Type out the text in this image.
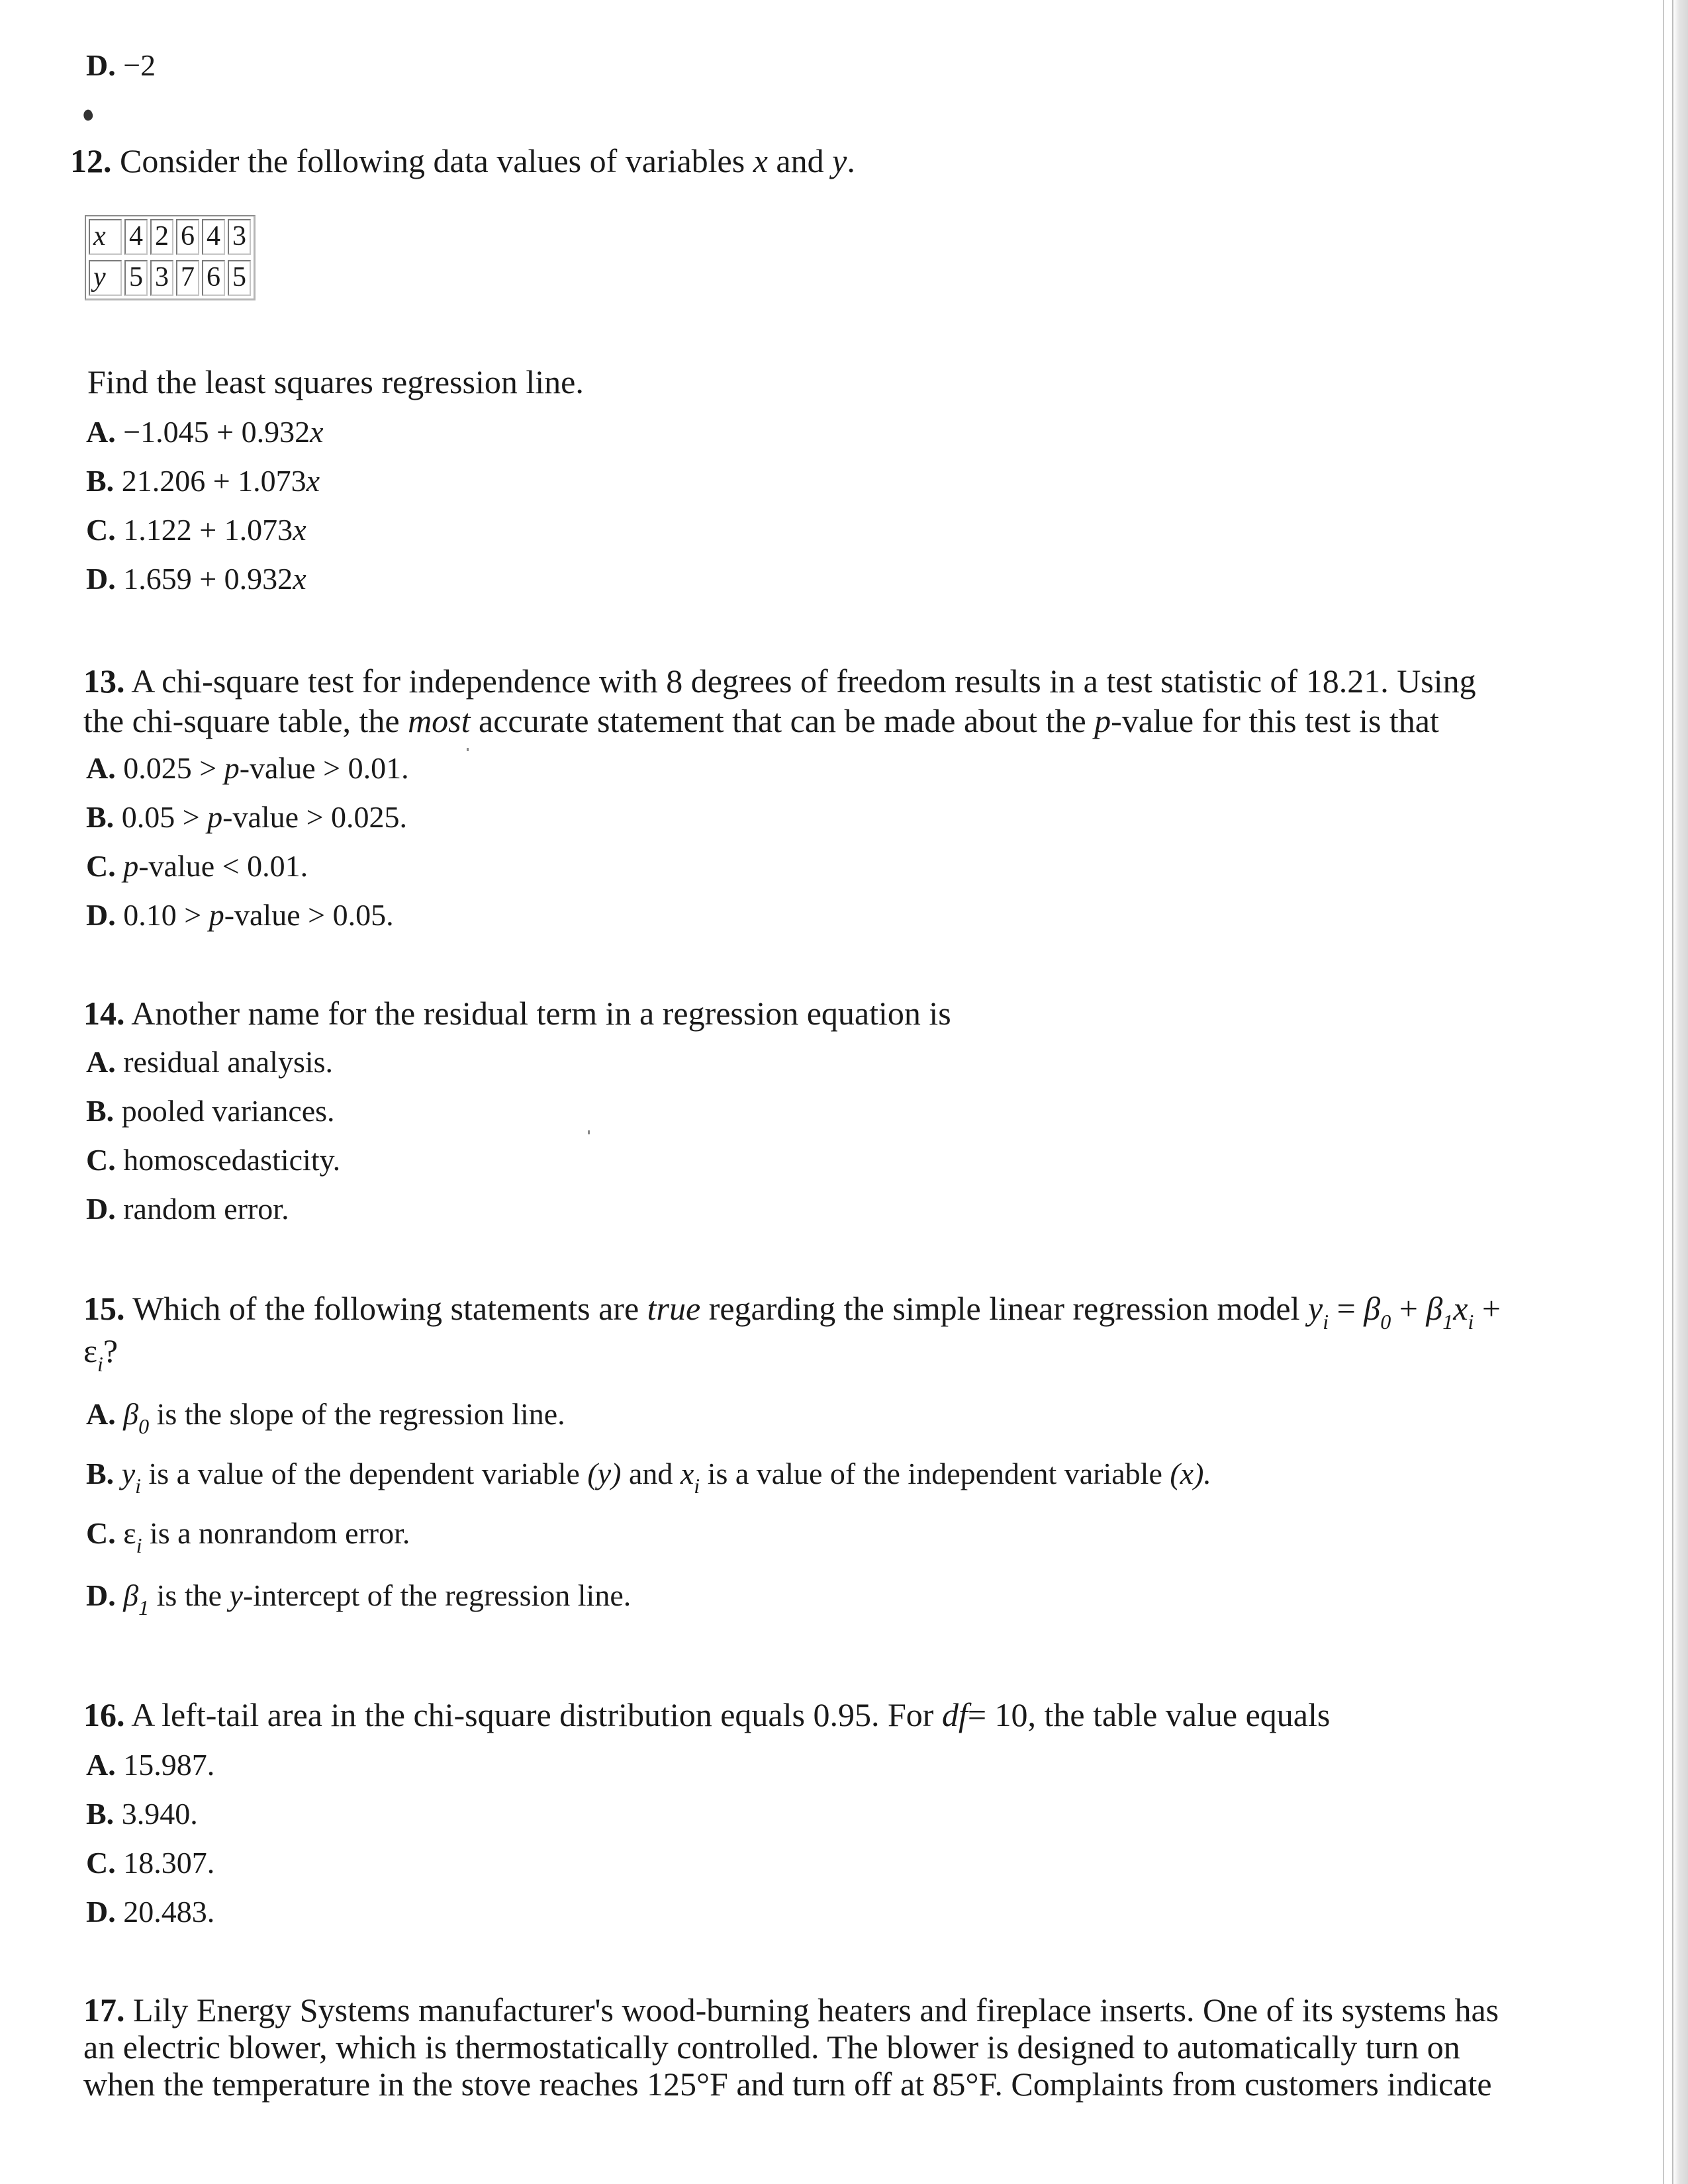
D. −2
12. Consider the following data values of variables x and y.
x 4 2 6 4 3
y 5 3 7 6 5
Find the least squares regression line.
A. −1.045 + 0.932x
B. 21.206 + 1.073x
C. 1.122 + 1.073x
D. 1.659 + 0.932x
13. A chi-square test for independence with 8 degrees of freedom results in a test statistic of 18.21. Using
the chi-square table, the most accurate statement that can be made about the p-value for this test is that
A. 0.025 > p-value > 0.01.
B. 0.05 > p-value > 0.025.
C. p-value < 0.01.
D. 0.10 > p-value > 0.05.
14. Another name for the residual term in a regression equation is
A. residual analysis.
B. pooled variances.
C. homoscedasticity.
D. random error.
15. Which of the following statements are true regarding the simple linear regression model $y_i = \beta_0 + \beta_1x_i$ +
$\varepsilon_i$?
A. $\beta_0$ is the slope of the regression line.
B. $y_i$ is a value of the dependent variable (y) and $x_i$ is a value of the independent variable (x).
C. $\varepsilon_i$ is a nonrandom error.
D. $\beta_1$ is the y-intercept of the regression line.
16. A left-tail area in the chi-square distribution equals 0.95. For df= 10, the table value equals
A. 15.987.
B. 3.940.
C. 18.307.
D. 20.483.
17. Lily Energy Systems manufacturer's wood-burning heaters and fireplace inserts. One of its systems has
an electric blower, which is thermostatically controlled. The blower is designed to automatically turn on
when the temperature in the stove reaches 125°F and turn off at 85°F. Complaints from customers indicate
